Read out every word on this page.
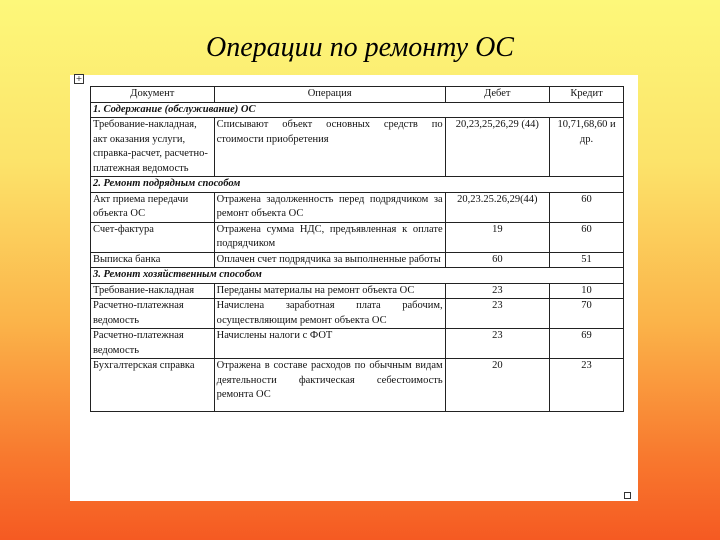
Операции по ремонту ОС
+
Документ	Операция	Дебет	Кредит
1. Содержание (обслуживание) ОС			
Требование-накладная, акт оказания услуги, справка-расчет, расчетно-платежная ведомость	Списывают объект основных средств по стоимости приобретения	20,23,25,26,29 (44)	10,71,68,60 и др.
2. Ремонт подрядным способом			
Акт приема передачи объекта ОС	Отражена задолженность перед подрядчиком за ремонт объекта ОС	20,23.25.26,29(44)	60
Счет-фактура	Отражена сумма НДС, предъявленная к оплате подрядчиком	19	60
Выписка банка	Оплачен счет подрядчика за выполненные работы	60	51
3. Ремонт хозяйственным способом			
Требование-накладная	Переданы материалы на ремонт объекта ОС	23	10
Расчетно-платежная ведомость	Начислена заработная плата рабочим, осуществляющим ремонт объекта ОС	23	70
Расчетно-платежная ведомость	Начислены налоги с ФОТ	23	69
Бухгалтерская справка	Отражена в составе расходов по обычным видам деятельности фактическая себестоимость ремонта ОС	20	23
